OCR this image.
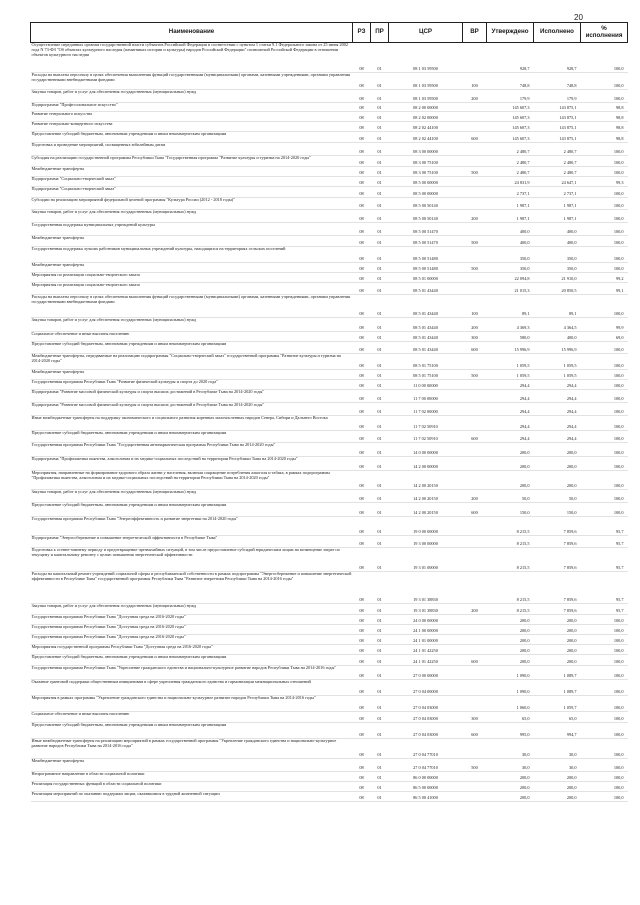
20
Наименование	РЗ	ПР	ЦСР	ВР	Утверждено	Исполнено	%
исполнения
Осуществление переданных органам государственной власти субъектов Российской Федерации в соответствии с пунктом 1 статьи 9.1 Федерального закона от 25 июня 2002 года N 73-ФЗ "Об объектах культурного наследия (памятниках истории и культуры) народов Российской Федерации" полномочий Российской Федерации в отношении объектов культурного наследия	08	01	08 1 03 59500		928,7	928,7	100,0
Расходы на выплаты персоналу в целях обеспечения выполнения функций государственными (муниципальными) органами, казенными учреждениями, органами управления государственными внебюджетными фондами	08	01	08 1 03 59500	100	748,8	748,8	100,0
Закупка товаров, работ и услуг для обеспечения государственных (муниципальных) нужд	08	01	08 1 03 59500	200	179,9	179,9	100,0
Подпрограмма "Профессиональное искусство"	08	01	08 2 00 00000		145 607,3	143 875,1	98,8
Развитие театрального искусства	08	01	08 2 02 00000		145 607,3	143 875,1	98,8
Развитие театрально-концертного искусства	08	01	08 2 02 44100		145 607,3	143 875,1	98,8
Предоставление субсидий бюджетным, автономным учреждениям и иным некоммерческим организациям	08	01	08 2 02 44100	600	145 607,3	143 875,1	98,8
Подготовка и проведение мероприятий, посвященных юбилейным датам	08	01	08 3 00 00000		2 480,7	2 480,7	100,0
Субсидия на реализацию государственной программы Республики Тыва "Государственная программа "Развитие культуры и туризма на 2014-2020 годы"	08	01	08 3 00 75100		2 480,7	2 480,7	100,0
Межбюджетные трансферты	08	01	08 3 00 75100	500	2 480,7	2 480,7	100,0
Подпрограмма "Социально-творческий заказ"	08	01	08 5 00 00000		24 831,9	24 647,1	99,3
Подпрограмма "Социально-творческий заказ"	08	01	08 5 00 00000		2 737,1	2 737,1	100,0
Субсидии на реализацию мероприятий федеральной целевой программы "Культура России (2012 - 2018 годы)"	08	01	08 5 00 50140		1 987,1	1 987,1	100,0
Закупка товаров, работ и услуг для обеспечения государственных (муниципальных) нужд	08	01	08 5 00 50140	200	1 987,1	1 987,1	100,0
Государственная поддержка муниципальных учреждений культуры	08	01	08 5 00 51470		400,0	400,0	100,0
Межбюджетные трансферты	08	01	08 5 00 51470	500	400,0	400,0	100,0
Государственная поддержка лучших работников муниципальных учреждений культуры, находящихся на территориях сельских поселений	08	01	08 5 00 51480		350,0	350,0	100,0
Межбюджетные трансферты	08	01	08 5 00 51480	500	350,0	350,0	100,0
Мероприятия по реализации социально-творческого заказа	08	01	08 5 01 00000		22 094,8	21 910,0	99,2
Мероприятия по реализации социально-творческого заказа	08	01	08 5 01 43440		21 015,3	20 850,5	99,1
Расходы на выплаты персоналу в целях обеспечения выполнения функций государственными (муниципальными) органами, казенными учреждениями, органами управления государственными внебюджетными фондами	08	01	08 5 01 43440	100	89,1	89,1	100,0
Закупка товаров, работ и услуг для обеспечения государственных (муниципальных) нужд	08	01	08 5 01 43440	200	4 369,3	4 364,5	99,9
Социальное обеспечение и иные выплаты населению	08	01	08 5 01 43440	300	580,0	400,0	69,0
Предоставление субсидий бюджетным, автономным учреждениям и иным некоммерческим организациям	08	01	08 5 01 43440	600	15 996,9	15 996,9	100,0
Межбюджетные трансферты, передаваемые на реализацию подпрограммы "Социально-творческий заказ" государственной программы "Развитие культуры и туризма на 2014-2020 годы"	08	01	08 5 01 75100		1 059,5	1 059,5	100,0
Межбюджетные трансферты	08	01	08 5 01 75100	500	1 059,5	1 059,5	100,0
Государственная программа Республики Тыва "Развитие физической культуры и спорта до 2020 года"	08	01	11 0 00 00000		294,4	294,4	100,0
Подпрограмма "Развитие массовой физической культуры и спорта высших достижений в Республике Тыва на 2014-2020 годы"	08	01	11 7 00 00000		294,4	294,4	100,0
Подпрограмма "Развитие массовой физической культуры и спорта высших достижений в Республике Тыва на 2014-2020 годы"	08	01	11 7 02 00000		294,4	294,4	100,0
Иные межбюджетные трансферты на поддержку экономического и социального развития коренных малочисленных народов Севера, Сибири и Дальнего Востока	08	01	11 7 02 50910		294,4	294,4	100,0
Предоставление субсидий бюджетным, автономным учреждениям и иным некоммерческим организациям	08	01	11 7 02 50910	600	294,4	294,4	100,0
Государственная программа Республики Тыва "Государственная антинаркотическая программа Республики Тыва на 2014-2020 годы"	08	01	14 0 00 00000		200,0	200,0	100,0
Подпрограмма "Профилактика пьянства, алкоголизма и их медико-социальных последствий на территории Республики Тыва на 2014-2020 годы"	08	01	14 2 00 00000		200,0	200,0	100,0
Мероприятия, направленные на формирование здорового образа жизни у населения, включая сокращение потребления алкоголя и табака, в рамках подпрограммы "Профилактика пьянства, алкоголизма и их медико-социальных последствий на территории Республики Тыва на 2014-2020 годы"	08	01	14 2 00 20150		200,0	200,0	100,0
Закупка товаров, работ и услуг для обеспечения государственных (муниципальных) нужд	08	01	14 2 00 20150	200	50,0	50,0	100,0
Предоставление субсидий бюджетным, автономным учреждениям и иным некоммерческим организациям	08	01	14 2 00 20150	600	150,0	150,0	100,0
Государственная программа Республики Тыва "Энергоэффективность и развитие энергетики на 2014-2020 годы"	08	01	19 0 00 00000		8 215,5	7 859,6	95,7
Подпрограмма "Энергосбережение и повышение энергетической эффективности в Республике Тыва"	08	01	19 3 00 00000		8 215,5	7 859,6	95,7
Подготовка к осенне-зимнему периоду и предотвращение чрезвычайных ситуаций, в том числе предоставление субсидий юридическим лицам на возмещение затрат по текущему и капитальному ремонту с целью повышения энергетической эффективности	08	01	19 3 01 00000		8 215,5	7 859,6	95,7
Расходы на капитальный ремонт учреждений социальной сферы и республиканской собственности в рамках подпрограммы "Энергосбережение и повышение энергетической эффективности в Республике Тыва" государственной программы Республики Тыва "Развитие энергетики Республики Тыва на 2014-2016 годы"	08	01	19 3 01 38830		8 215,5	7 859,6	95,7
Закупка товаров, работ и услуг для обеспечения государственных (муниципальных) нужд	08	01	19 3 01 38830	200	8 215,5	7 859,6	95,7
Государственная программа Республики Тыва "Доступная среда на 2016-2020 годы"	08	01	24 0 00 00000		200,0	200,0	100,0
Государственная программа Республики Тыва "Доступная среда на 2016-2020 годы"	08	01	24 1 00 00000		200,0	200,0	100,0
Государственная программа Республики Тыва "Доступная среда на 2016-2020 годы"	08	01	24 1 01 00000		200,0	200,0	100,0
Мероприятия государственной программы Республики Тыва "Доступная среда на 2016-2020 годы"	08	01	24 1 01 42250		200,0	200,0	100,0
Предоставление субсидий бюджетным, автономным учреждениям и иным некоммерческим организациям	08	01	24 1 01 42250	600	200,0	200,0	100,0
Государственная программа Республики Тыва "Укрепление гражданского единства и национально-культурное развитие народов Республики Тыва на 2014-2016 годы"	08	01	27 0 00 00000		1 090,0	1 089,7	100,0
Оказание грантовой поддержки общественным инициативам в сфере укрепления гражданского единства и гармонизации межнациональных отношений	08	01	27 0 04 00000		1 090,0	1 089,7	100,0
Мероприятия в рамках программы "Укрепление гражданского единства и национально-культурное развитие народов Республики Тыва на 2014-2016 годы"	08	01	27 0 04 03000		1 060,0	1 059,7	100,0
Социальное обеспечение и иные выплаты населению	08	01	27 0 04 03000	300	65,0	65,0	100,0
Предоставление субсидий бюджетным, автономным учреждениям и иным некоммерческим организациям	08	01	27 0 04 03000	600	995,0	994,7	100,0
Иные межбюджетные трансферты на реализацию мероприятий в рамках государственной программы "Укрепление гражданского единства и национально-культурное развитие народов Республики Тыва на 2014-2016 годы"	08	01	27 0 04 77010		30,0	30,0	100,0
Межбюджетные трансферты	08	01	27 0 04 77010	500	30,0	30,0	100,0
Непрограммное направление в области социальной политики	08	01	86 0 00 00000		200,0	200,0	100,0
Реализация государственных функций в области социальной политики	08	01	86 5 00 00000		200,0	200,0	100,0
Реализация мероприятий по оказанию поддержки лицам, оказавшимся в трудной жизненной ситуации	08	01	86 5 00 41000		200,0	200,0	100,0
